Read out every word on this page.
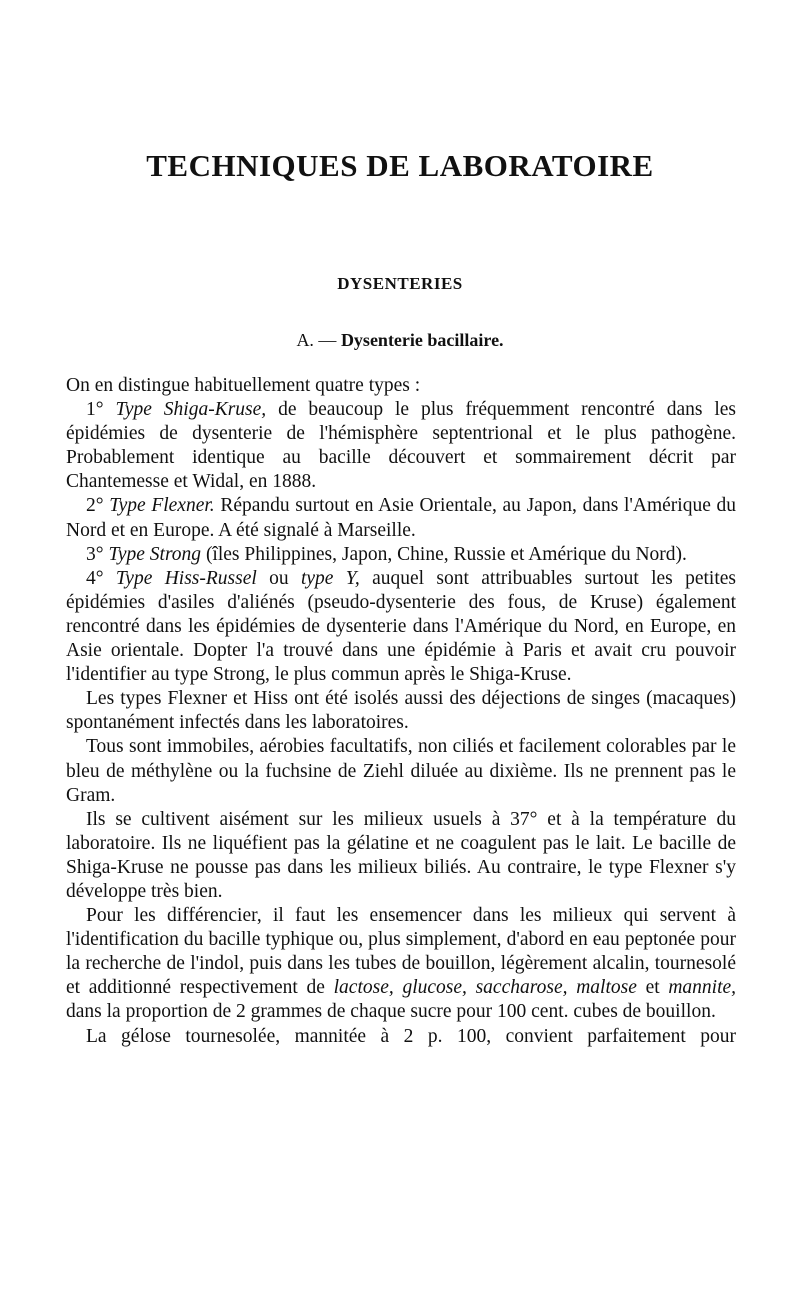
TECHNIQUES DE LABORATOIRE
DYSENTERIES
A. — Dysenterie bacillaire.

On en distingue habituellement quatre types :

1° Type Shiga-Kruse, de beaucoup le plus fréquemment rencontré dans les épidémies de dysenterie de l'hémisphère septentrional et le plus pathogène. Probablement identique au bacille découvert et sommairement décrit par Chantemesse et Widal, en 1888.

2° Type Flexner. Répandu surtout en Asie Orientale, au Japon, dans l'Amérique du Nord et en Europe. A été signalé à Marseille.

3° Type Strong (îles Philippines, Japon, Chine, Russie et Amérique du Nord).

4° Type Hiss-Russel ou type Y, auquel sont attribuables surtout les petites épidémies d'asiles d'aliénés (pseudo-dysenterie des fous, de Kruse) également rencontré dans les épidémies de dysenterie dans l'Amérique du Nord, en Europe, en Asie orientale. Dopter l'a trouvé dans une épidémie à Paris et avait cru pouvoir l'identifier au type Strong, le plus commun après le Shiga-Kruse.

Les types Flexner et Hiss ont été isolés aussi des déjections de singes (macaques) spontanément infectés dans les laboratoires.

Tous sont immobiles, aérobies facultatifs, non ciliés et facilement colorables par le bleu de méthylène ou la fuchsine de Ziehl diluée au dixième. Ils ne prennent pas le Gram.

Ils se cultivent aisément sur les milieux usuels à 37° et à la température du laboratoire. Ils ne liquéfient pas la gélatine et ne coagulent pas le lait. Le bacille de Shiga-Kruse ne pousse pas dans les milieux biliés. Au contraire, le type Flexner s'y développe très bien.

Pour les différencier, il faut les ensemencer dans les milieux qui servent à l'identification du bacille typhique ou, plus simplement, d'abord en eau peptonée pour la recherche de l'indol, puis dans les tubes de bouillon, légèrement alcalin, tournesolé et additionné respectivement de lactose, glucose, saccharose, maltose et mannite, dans la proportion de 2 grammes de chaque sucre pour 100 cent. cubes de bouillon.

La gélose tournesolée, mannitée à 2 p. 100, convient parfaitement pour
